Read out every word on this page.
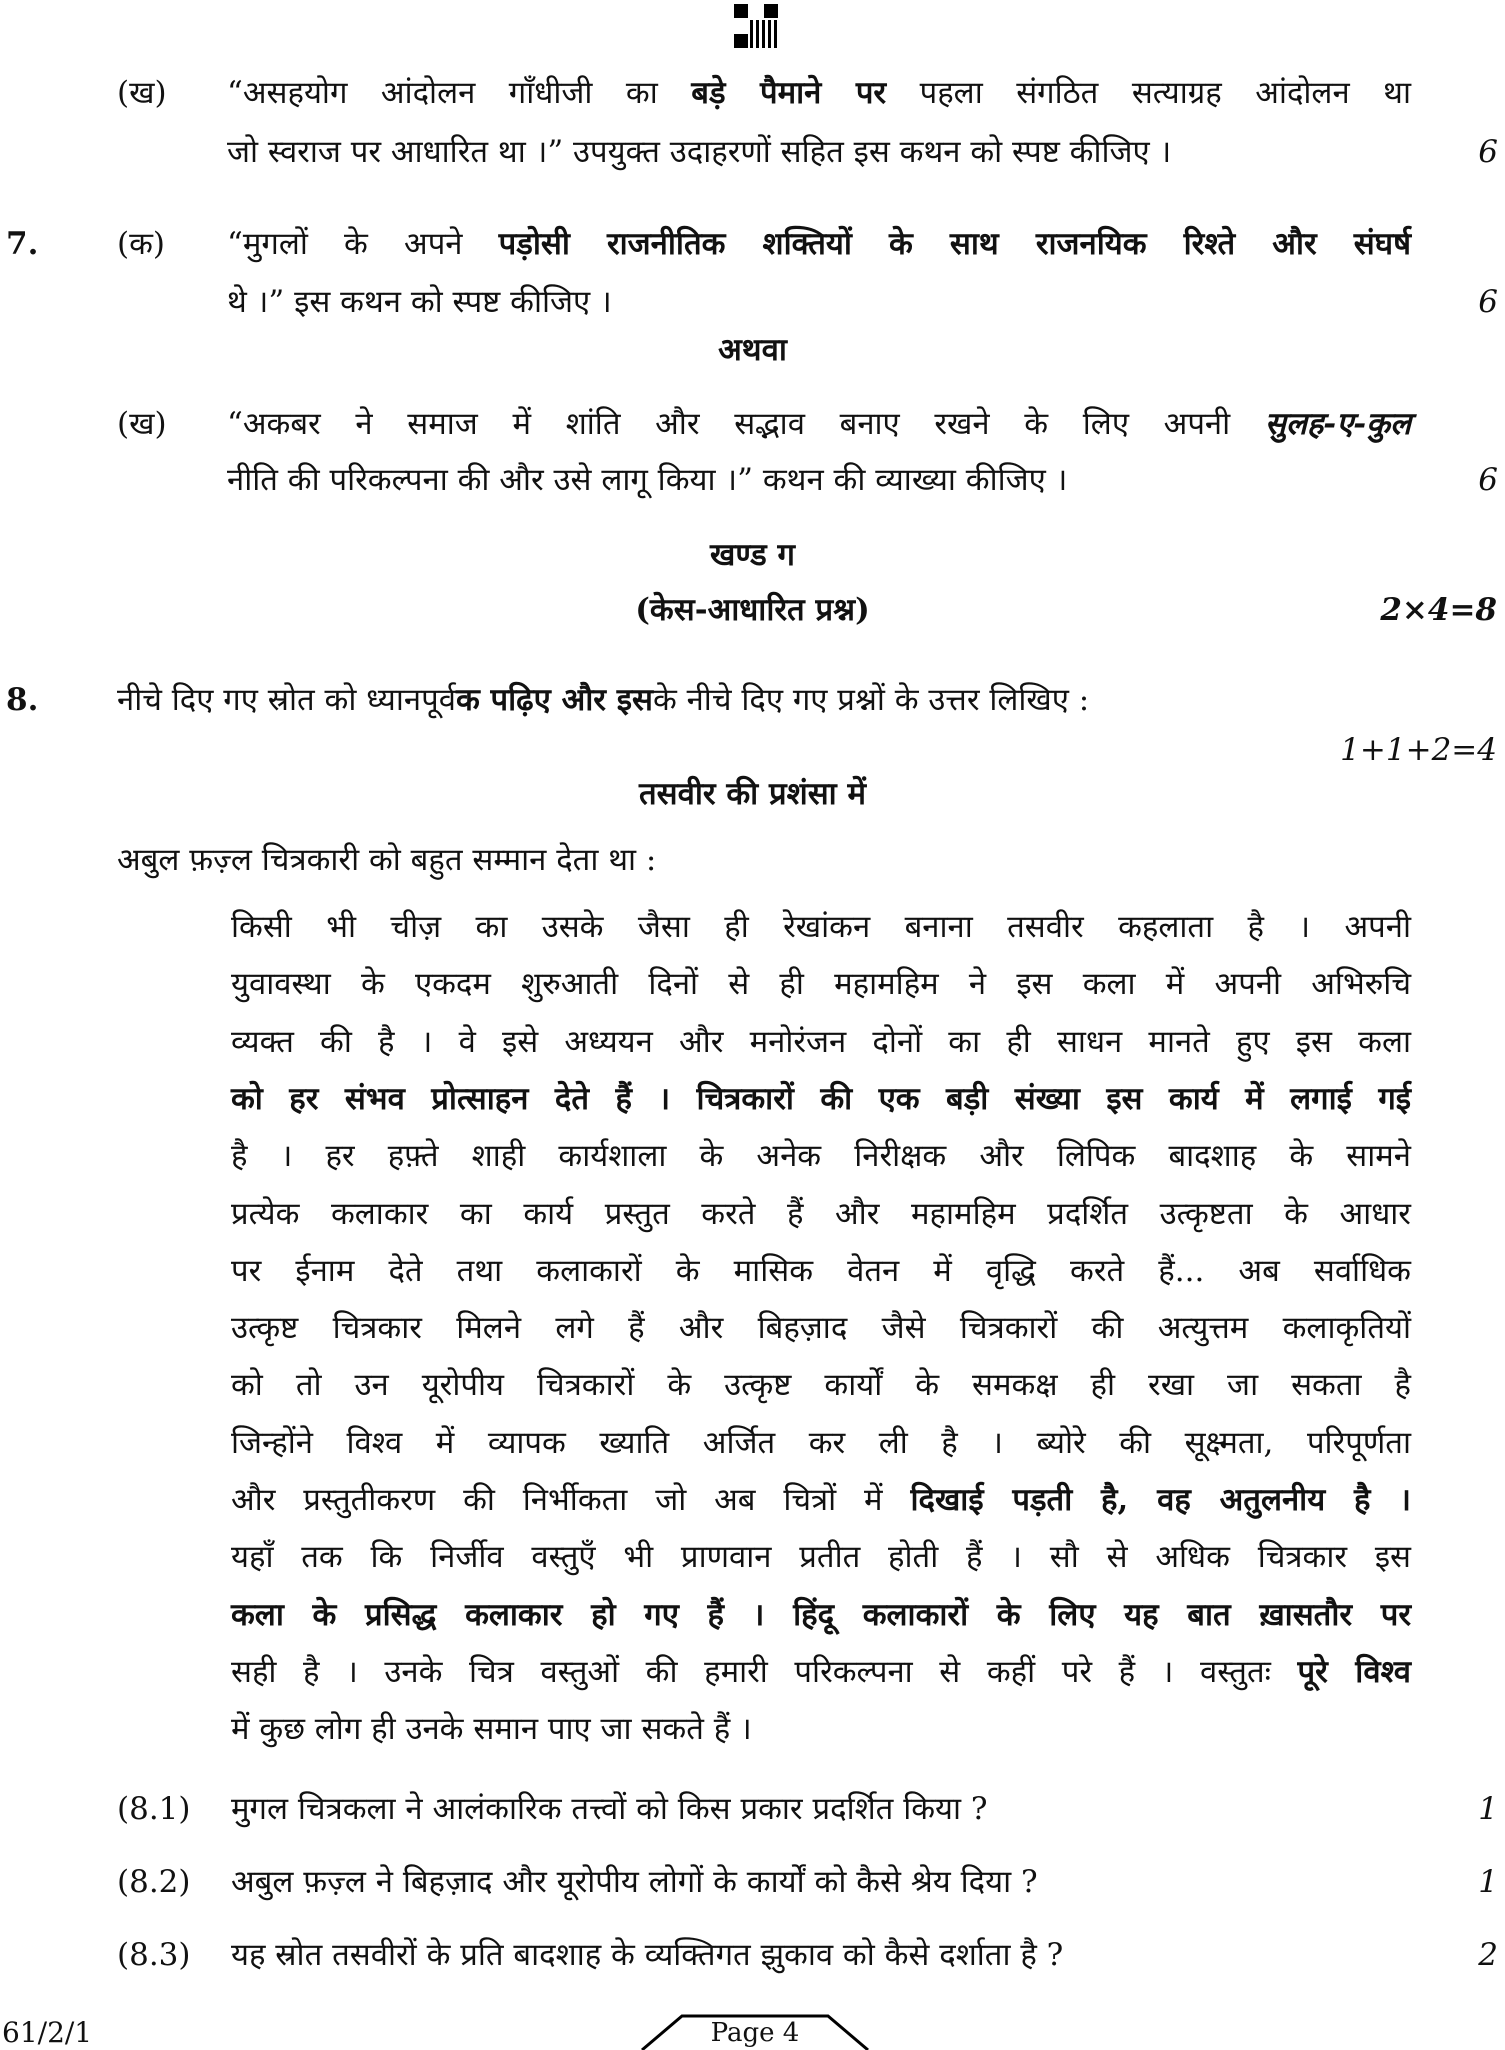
(ख) “असहयोग आंदोलन गाँधीजी का बड़े पैमाने पर पहला संगठित सत्याग्रह आंदोलन था
जो स्वराज पर आधारित था ।” उपयुक्त उदाहरणों सहित इस कथन को स्पष्ट कीजिए ।	6
7.	(क) “मुगलों के अपने पड़ोसी राजनीतिक शक्तियों के साथ राजनयिक रिश्ते और संघर्ष
थे ।” इस कथन को स्पष्ट कीजिए ।	6
अथवा
(ख) “अकबर ने समाज में शांति और सद्भाव बनाए रखने के लिए अपनी सुलह-ए-कुल
नीति की परिकल्पना की और उसे लागू किया ।” कथन की व्याख्या कीजिए ।	6
खण्ड ग
(केस-आधारित प्रश्न)	2×4=8
8.	नीचे दिए गए स्रोत को ध्यानपूर्वक पढ़िए और इसके नीचे दिए गए प्रश्नों के उत्तर लिखिए :
1+1+2=4
तसवीर की प्रशंसा में
अबुल फ़ज़्ल चित्रकारी को बहुत सम्मान देता था :
किसी भी चीज़ का उसके जैसा ही रेखांकन बनाना तसवीर कहलाता है । अपनी
युवावस्था के एकदम शुरुआती दिनों से ही महामहिम ने इस कला में अपनी अभिरुचि
व्यक्त की है । वे इसे अध्ययन और मनोरंजन दोनों का ही साधन मानते हुए इस कला
को हर संभव प्रोत्साहन देते हैं । चित्रकारों की एक बड़ी संख्या इस कार्य में लगाई गई
है । हर हफ़्ते शाही कार्यशाला के अनेक निरीक्षक और लिपिक बादशाह के सामने
प्रत्येक कलाकार का कार्य प्रस्तुत करते हैं और महामहिम प्रदर्शित उत्कृष्टता के आधार
पर ईनाम देते तथा कलाकारों के मासिक वेतन में वृद्धि करते हैं... अब सर्वाधिक
उत्कृष्ट चित्रकार मिलने लगे हैं और बिहज़ाद जैसे चित्रकारों की अत्युत्तम कलाकृतियों
को तो उन यूरोपीय चित्रकारों के उत्कृष्ट कार्यों के समकक्ष ही रखा जा सकता है
जिन्होंने विश्व में व्यापक ख्याति अर्जित कर ली है । ब्योरे की सूक्ष्मता, परिपूर्णता
और प्रस्तुतीकरण की निर्भीकता जो अब चित्रों में दिखाई पड़ती है, वह अतुलनीय है ।
यहाँ तक कि निर्जीव वस्तुएँ भी प्राणवान प्रतीत होती हैं । सौ से अधिक चित्रकार इस
कला के प्रसिद्ध कलाकार हो गए हैं । हिंदू कलाकारों के लिए यह बात ख़ासतौर पर
सही है । उनके चित्र वस्तुओं की हमारी परिकल्पना से कहीं परे हैं । वस्तुतः पूरे विश्व
में कुछ लोग ही उनके समान पाए जा सकते हैं ।
(8.1) मुगल चित्रकला ने आलंकारिक तत्त्वों को किस प्रकार प्रदर्शित किया ?	1
(8.2) अबुल फ़ज़्ल ने बिहज़ाद और यूरोपीय लोगों के कार्यों को कैसे श्रेय दिया ?	1
(8.3) यह स्रोत तसवीरों के प्रति बादशाह के व्यक्तिगत झुकाव को कैसे दर्शाता है ?	2
61/2/1	Page 4
